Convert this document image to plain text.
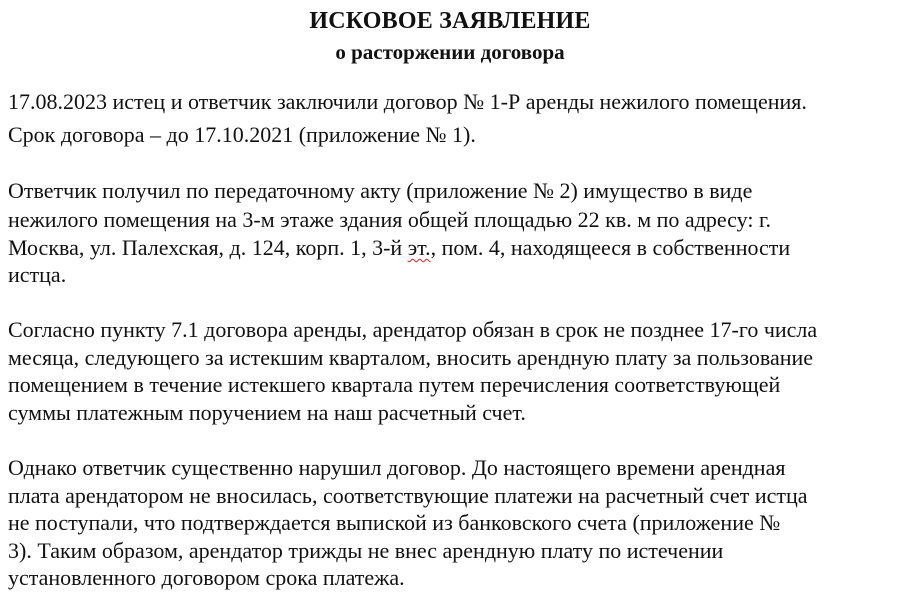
ИСКОВОЕ ЗАЯВЛЕНИЕ
о расторжении договора
17.08.2023 истец и ответчик заключили договор № 1-Р аренды нежилого помещения.
Срок договора – до 17.10.2021 (приложение № 1).
Ответчик получил по передаточному акту (приложение № 2) имущество в виде
нежилого помещения на 3-м этаже здания общей площадью 22 кв. м по адресу: г.
Москва, ул. Палехская, д. 124, корп. 1, 3-й эт., пом. 4, находящееся в собственности
истца.
Согласно пункту 7.1 договора аренды, арендатор обязан в срок не позднее 17-го числа
месяца, следующего за истекшим кварталом, вносить арендную плату за пользование
помещением в течение истекшего квартала путем перечисления соответствующей
суммы платежным поручением на наш расчетный счет.
Однако ответчик существенно нарушил договор. До настоящего времени арендная
плата арендатором не вносилась, соответствующие платежи на расчетный счет истца
не поступали, что подтверждается выпиской из банковского счета (приложение №
3). Таким образом, арендатор трижды не внес арендную плату по истечении
установленного договором срока платежа.
